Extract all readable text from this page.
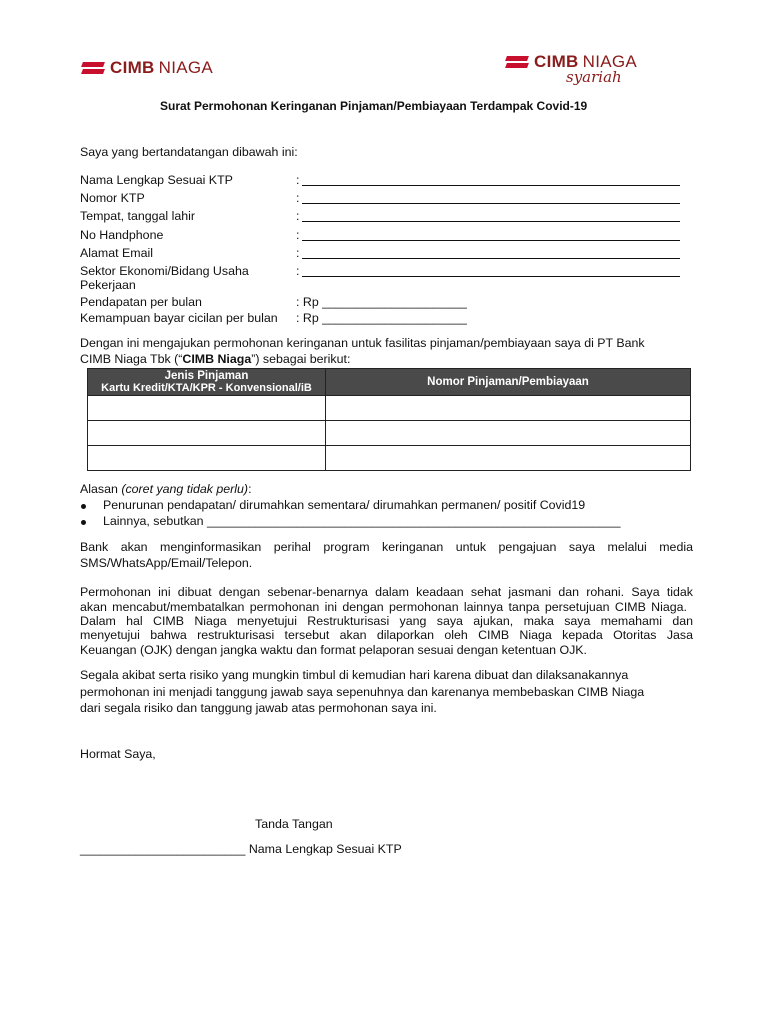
CIMB NIAGA	CIMB NIAGA
syariah
Surat Permohonan Keringanan Pinjaman/Pembiayaan Terdampak Covid-19
Saya yang bertandatangan dibawah ini:
Nama Lengkap Sesuai KTP	:
Nomor KTP	:
Tempat, tanggal lahir	:
No Handphone	:
Alamat Email	:
Sektor Ekonomi/Bidang Usaha
Pekerjaan
:
Pendapatan per bulan	: Rp _____________________
Kemampuan bayar cicilan per bulan : Rp _____________________
Dengan ini mengajukan permohonan keringanan untuk fasilitas pinjaman/pembiayaan saya di PT Bank
CIMB Niaga Tbk (“CIMB Niaga”) sebagai berikut:
Jenis Pinjaman
Kartu Kredit/KTA/KPR - Konvensional/iB	Nomor Pinjaman/Pembiayaan

Alasan (coret yang tidak perlu):
Penurunan pendapatan/ dirumahkan sementara/ dirumahkan permanen/ positif Covid19
Lainnya, sebutkan ____________________________________________________________
Bank akan menginformasikan perihal program keringanan untuk pengajuan saya melalui media
SMS/WhatsApp/Email/Telepon.
Permohonan ini dibuat dengan sebenar-benarnya dalam keadaan sehat jasmani dan rohani. Saya tidak
akan mencabut/membatalkan permohonan ini dengan permohonan lainnya tanpa persetujuan CIMB Niaga.
Dalam hal CIMB Niaga menyetujui Restrukturisasi yang saya ajukan, maka saya memahami dan
menyetujui bahwa restrukturisasi tersebut akan dilaporkan oleh CIMB Niaga kepada Otoritas Jasa
Keuangan (OJK) dengan jangka waktu dan format pelaporan sesuai dengan ketentuan OJK.
Segala akibat serta risiko yang mungkin timbul di kemudian hari karena dibuat dan dilaksanakannya
permohonan ini menjadi tanggung jawab saya sepenuhnya dan karenanya membebaskan CIMB Niaga
dari segala risiko dan tanggung jawab atas permohonan saya ini.
Hormat Saya,
Tanda Tangan
________________________ Nama Lengkap Sesuai KTP
